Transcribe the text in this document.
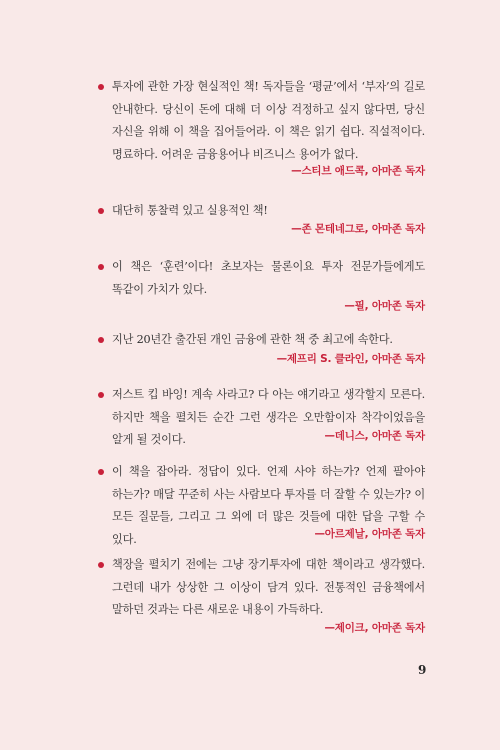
투자에 관한 가장 현실적인 책! 독자들을 ‘평균’에서 ‘부자’의 길로 안내한다. 당신이 돈에 대해 더 이상 걱정하고 싶지 않다면, 당신 자신을 위해 이 책을 집어들어라. 이 책은 읽기 쉽다. 직설적이다. 명료하다. 어려운 금융용어나 비즈니스 용어가 없다.
—스티브 애드콕, 아마존 독자
대단히 통찰력 있고 실용적인 책!
—존 몬테네그로, 아마존 독자
이 책은 ‘훈련’이다! 초보자는 물론이요 투자 전문가들에게도 똑같이 가치가 있다.
—필, 아마존 독자
지난 20년간 출간된 개인 금융에 관한 책 중 최고에 속한다.
—제프리 S. 클라인, 아마존 독자
저스트 킵 바잉! 계속 사라고? 다 아는 얘기라고 생각할지 모른다. 하지만 책을 펼치든 순간 그런 생각은 오만함이자 착각이었음을 알게 될 것이다.	—데니스, 아마존 독자
이 책을 잡아라. 정답이 있다. 언제 사야 하는가? 언제 팔아야 하는가? 매달 꾸준히 사는 사람보다 투자를 더 잘할 수 있는가? 이 모든 질문들, 그리고 그 외에 더 많은 것들에 대한 답을 구할 수 있다.	—아르제날, 아마존 독자
책장을 펼치기 전에는 그냥 장기투자에 대한 책이라고 생각했다. 그런데 내가 상상한 그 이상이 담겨 있다. 전통적인 금융책에서 말하던 것과는 다른 새로운 내용이 가득하다.
—제이크, 아마존 독자
9
